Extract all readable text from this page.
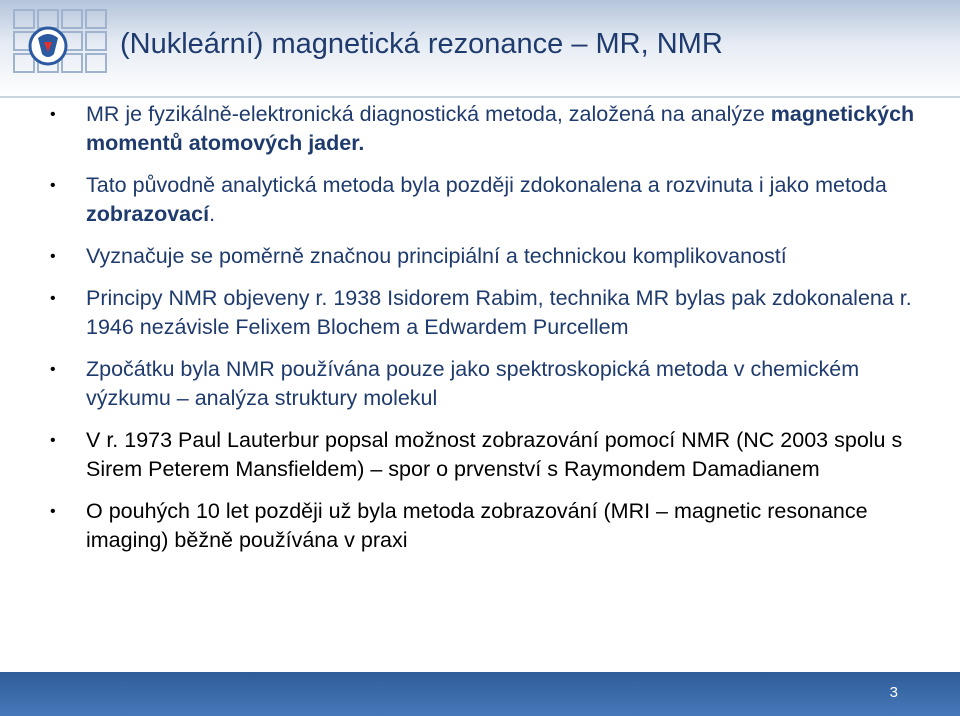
(Nukleární) magnetická rezonance – MR, NMR
• MR je fyzikálně-elektronická diagnostická metoda, založená na analýze magnetických momentů atomových jader.
• Tato původně analytická metoda byla později zdokonalena a rozvinuta i jako metoda zobrazovací.
• Vyznačuje se poměrně značnou principiální a technickou komplikovaností
• Principy NMR objeveny r. 1938 Isidorem Rabim, technika MR bylas pak zdokonalena r. 1946 nezávisle Felixem Blochem a Edwardem Purcellem
• Zpočátku byla NMR používána pouze jako spektroskopická metoda v chemickém výzkumu – analýza struktury molekul
• V r. 1973 Paul Lauterbur popsal možnost zobrazování pomocí NMR (NC 2003 spolu s Sirem Peterem Mansfieldem) – spor o prvenství s Raymondem Damadianem
• O pouhých 10 let později už byla metoda zobrazování (MRI – magnetic resonance imaging) běžně používána v praxi
3
